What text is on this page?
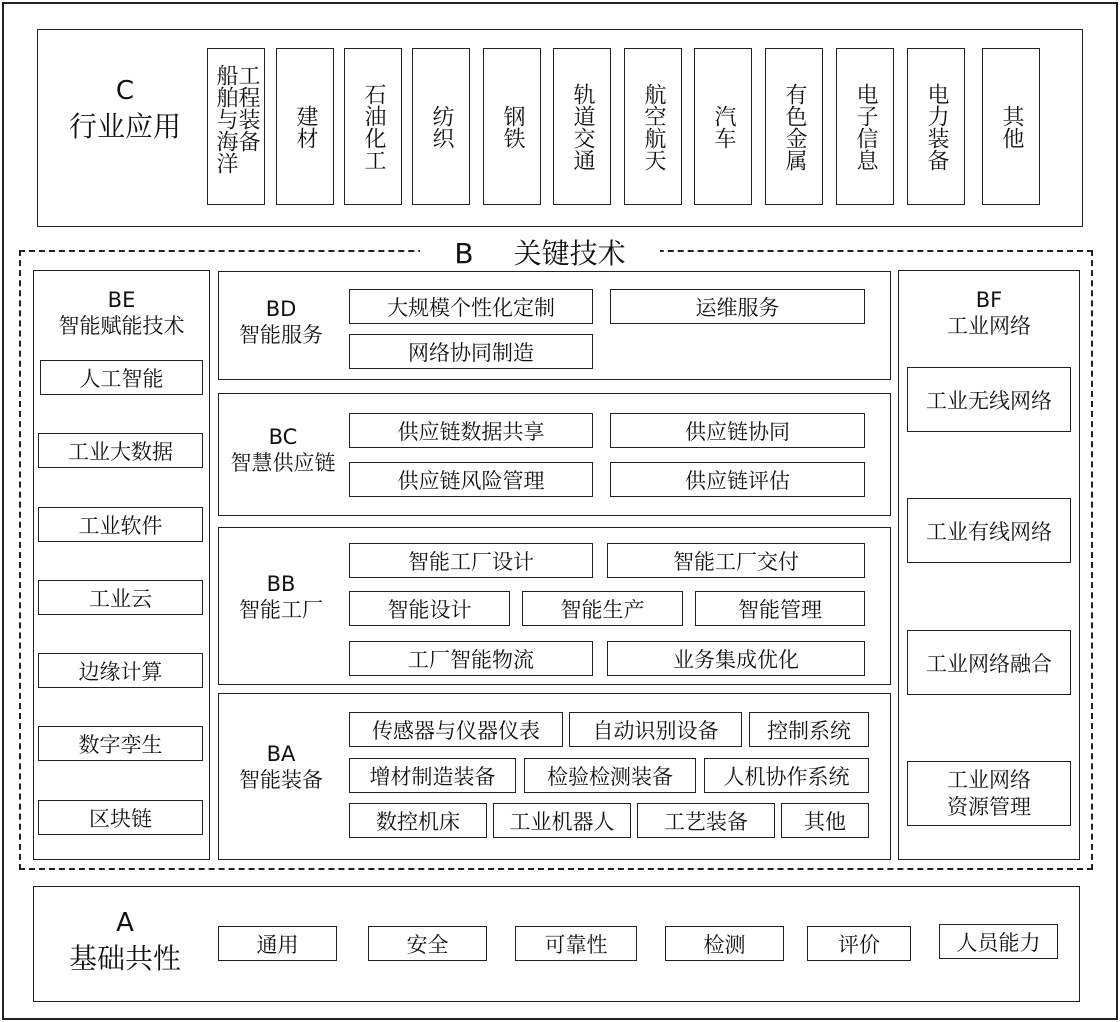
C
行业应用	船舶与海洋
工程装备 建材 石油化工 纺织 钢铁 轨道交通 航空航天 汽车 有色金属 电子信息 电力装备 其他
B 关键技术
BE
智能赋能技术
人工智能
工业大数据
工业软件
工业云
边缘计算
数字孪生
区块链
BD
智能服务
大规模个性化定制	运维服务
网络协同制造
BC
智慧供应链
供应链数据共享	供应链协同
供应链风险管理	供应链评估
BB
智能工厂
智能工厂设计	智能工厂交付
智能设计	智能生产	智能管理
工厂智能物流	业务集成优化
BA
智能装备
传感器与仪器仪表	自动识别设备	控制系统
增材制造装备	检验检测装备	人机协作系统
数控机床	工业机器人	工艺装备	其他
BF
工业网络
工业无线网络
工业有线网络
工业网络融合
工业网络资源管理
A
基础共性	通用	安全	可靠性	检测	评价	人员能力
